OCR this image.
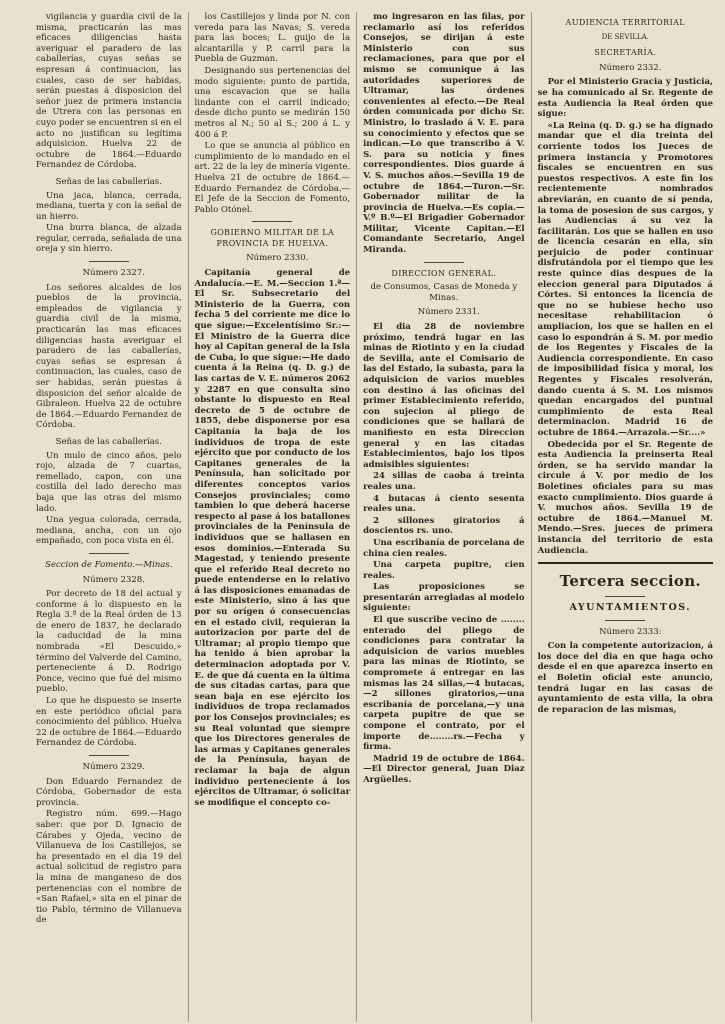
vigilancia y guardia civil de la misma, practicarán las mas eficaces diligencias hasta averiguar el paradero de las caballerías, cuyas señas se espresan á continuacion, las cuales, caso de ser habidas, serán puestas á disposicion del señor juez de primera instancia de Utrera con las personas en cuyo poder se encuentren si en el acto no justifican su legítima adquisicion. Huelva 22 de octubre de 1864.—Eduardo Fernandez de Córdoba.

Señas de las caballerías.

Una jaca, blanca, cerrada, mediana, tuerta y con la señal de un hierro.

Una burra blanca, de alzada regular, cerrada, señalada de una oreja y sin hierro.

Número 2327.

Los señores alcaldes de los pueblos de la provincia, empleados de vigilancia y guardia civil de la misma, practicarán las mas eficaces diligencias hasta averiguar el paradero de las caballerías, cuyas señas se espresan á continuacion, las cuales, caso de ser habidas, serán puestas á disposicion del señor alcalde de Gibraleon. Huelva 22 de octubre de 1864.—Eduardo Fernandez de Córdoba.

Señas de las caballerías.

Un mulo de cinco años, pelo rojo, alzada de 7 cuartas, remellado, capon, con una costilla del lado derecho mas baja que las otras del mismo lado.

Una yegua colorada, cerrada, mediana, ancha, con un ojo empañado, con poca vista en él.

Seccion de Fomento.—Minas.

Número 2328.

Por decreto de 18 del actual y conforme á lo dispuesto en la Regla 3.ª de la Real órden de 13 de enero de 1837, he declarado la caducidad de la mina nombrada «El Descuido,» término del Valverde del Camino, perteneciente á D. Rodrigo Ponce, vecino que fué del mismo pueblo.

Lo que he dispuesto se inserte en este periódico oficial para conocimiento del público. Huelva 22 de octubre de 1864.—Eduardo Fernandez de Córdoba.

Número 2329.

Don Eduardo Fernandez de Córdoba, Gobernador de esta provincia.

Registro núm. 699.—Hago saber: que por D. Ignacio de Cárabes y Ojeda, vecino de Villanueva de los Castillejos, se ha presentado en el dia 19 del actual solicitud de registro para la mina de manganeso de dos pertenencias con el nombre de «San Rafael,» sita en el pinar de tio Pablo, término de Villanueva de

los Castillejos y linda por N. con vereda para las Navas; S. vereda para las boces; L. guijo de la alcantarilla y P. carril para la Puebla de Guzman.

Designando sus pertenencias del modo siguiente: punto de partida, una escavacion que se halla lindante con el carril indicado; desde dicho punto se medirán 150 metros al N.; 50 al S.; 200 á L. y 400 á P.

Lo que se anuncia al público en cumplimiento de lo mandado en el art. 22 de la ley de minería vigente. Huelva 21 de octubre de 1864.—Eduardo Fernandez de Córdoba.—El Jefe de la Seccion de Fomento, Pablo Otónel.

GOBIERNO MILITAR DE LA PROVINCIA DE HUELVA.

Número 2330.

Capitanía general de Andalucía.—E. M.—Seccion 1.ª—El Sr. Subsecretario del Ministerio de la Guerra, con fecha 5 del corriente me dice lo que sigue:—Excelentísimo Sr.:—El Ministro de la Guerra dice hoy al Capitan general de la Isla de Cuba, lo que sigue:—He dado cuenta á la Reina (q. D. g.) de las cartas de V. E. números 2062 y 2287 en que consulta sino obstante lo dispuesto en Real decreto de 5 de octubre de 1855, debe disponerse por esa Capitanía la baja de los individuos de tropa de este ejército que por conducto de los Capitanes generales de la Península, han solicitado por diferentes conceptos varios Consejos provinciales; como tambien lo que deberá hacerse respecto al pase á los batallones provinciales de la Península de individuos que se hallasen en esos dominios.—Enterada Su Magestad, y teniendo presente que el referido Real decreto no puede entenderse en lo relativo á las disposiciones emanadas de este Ministerio, sino á las que por su orígen ó consecuencias en el estado civil, requieran la autorizacion por parte del de Ultramar; al propio tiempo que ha tenido á bien aprobar la determinacion adoptada por V. E. de que dá cuenta en la última de sus citadas cartas, para que sean baja en ese ejército los individuos de tropa reclamados por los Consejos provinciales; es su Real voluntad que siempre que los Directores generales de las armas y Capitanes generales de la Península, hayan de reclamar la baja de algun individuo perteneciente á los ejércitos de Ultramar, ó solicitar se modifique el concepto co-

mo ingresaron en las filas, por reclamarlo así los referidos Consejos, se dirijan á este Ministerio con sus reclamaciones, para que por el mismo se comunique á las autoridades superiores de Ultramar, las órdenes convenientes al efecto.—De Real órden comunicada por dicho Sr. Ministro, lo traslado á V. E. para su conocimiento y efectos que se indican.—Lo que transcribo á V. S. para su noticia y fines correspondientes. Dios guarde á V. S. muchos años.—Sevilla 19 de octubre de 1864.—Turon.—Sr. Gobernador militar de la provincia de Huelva.—Es copia.—V.º B.º—El Brigadier Gobernador Militar, Vicente Capitan.—El Comandante Secretario, Angel Miranda.

DIRECCION GENERAL.

de Consumos, Casas de Moneda y Minas.

Número 2331.

El dia 28 de noviembre próximo, tendrá lugar en las minas de Riotinto y en la ciudad de Sevilla, ante el Comisario de las del Estado, la subasta, para la adquisicion de varios muebles con destino á las oficinas del primer Establecimiento referido, con sujecion al pliego de condiciones que se hallará de manifiesto en esta Direccion general y en las citadas Establecimientos, bajo los tipos admisibles siguientes:

24 sillas de caoba á treinta reales una.

4 butacas á ciento sesenta reales una.

2 sillones giratorios á doscientos rs. uno.

Una escribanía de porcelana de china cien reales.

Una carpeta pupitre, cien reales.

Las proposiciones se presentarán arregladas al modelo siguiente:

El que suscribe vecino de ........ enterado del pliego de condiciones para contratar la adquisicion de varios muebles para las minas de Riotinto, se compromete á entregar en las mismas las 24 sillas,—4 butacas,—2 sillones giratorios,—una escribanía de porcelana,—y una carpeta pupitre de que se compone el contrato, por el importe de........rs.—Fecha y firma.

Madrid 19 de octubre de 1864.—El Director general, Juan Diaz Argüelles.

AUDIENCIA TERRITORIAL

DE SEVILLA.

SECRETARÍA.

Número 2332.

Por el Ministerio Gracia y Justicia, se ha comunicado al Sr. Regente de esta Audiencia la Real órden que sigue:

«La Reina (q. D. g.) se ha dignado mandar que el dia treinta del corriente todos los Jueces de primera instancia y Promotores fiscales se encuentren en sus puestos respectivos. A este fin los recientemente nombrados abreviarán, en cuanto de sí penda, la toma de posesion de sus cargos, y las Audiencias á su vez la facilitarán. Los que se hallen en uso de licencia cesarán en ella, sin perjuicio de poder continuar disfrutándola por el tiempo que les reste quince dias despues de la eleccion general para Diputados á Córtes. Si entonces la licencia de que no se hubiese hecho uso necesitase rehabilitacion ó ampliacion, los que se hallen en el caso lo espondrán á S. M. por medio de los Regentes y Fiscales de la Audiencia correspondiente. En caso de imposibilidad física y moral, los Regentes y Fiscales resolverán, dando cuenta á S. M. Los mismos quedan encargados del puntual cumplimiento de esta Real determinacion. Madrid 16 de octubre de 1864.—Arrazola.—Sr....»

Obedecida por el Sr. Regente de esta Audiencia la preinserta Real órden, se ha servido mandar la circule á V. por medio de los Boletines oficiales para su mas exacto cumplimiento. Dios guarde á V. muchos años. Sevilla 19 de octubre de 1864.—Manuel M. Mendo.—Sres. jueces de primera instancia del territorio de esta Audiencia.

Tercera seccion.

AYUNTAMIENTOS.

Número 2333:

Con la competente autorizacion, á los doce del dia en que haga ocho desde el en que aparezca inserto en el Boletin oficial este anuncio, tendrá lugar en las casas de ayuntamiento de esta villa, la obra de reparacion de las mismas,
